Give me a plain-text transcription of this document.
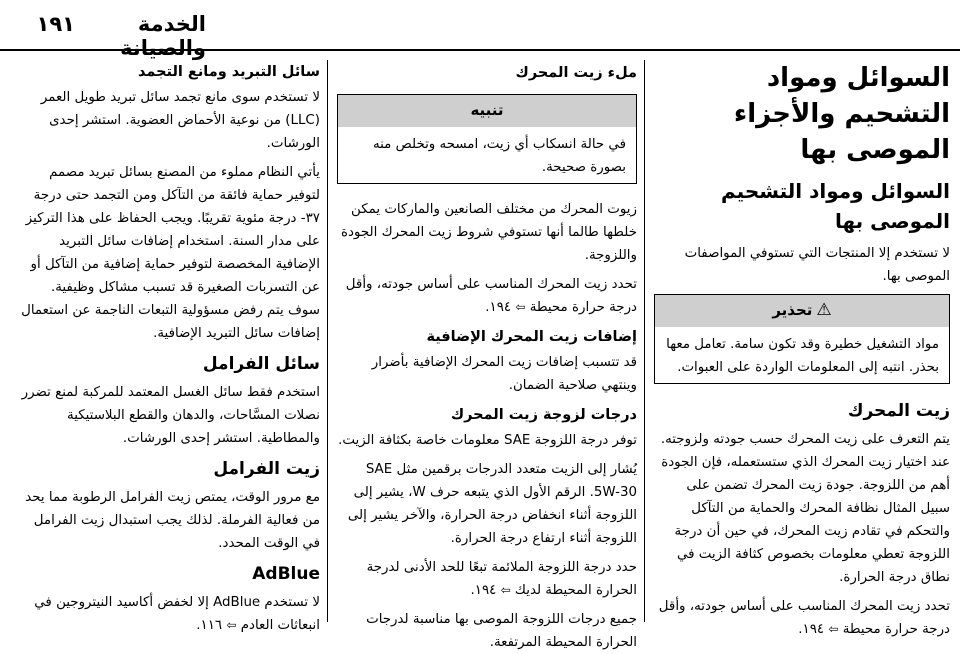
١٩١	الخدمة والصيانة
السوائل ومواد التشحيم والأجزاء الموصى بها
السوائل ومواد التشحيم الموصى بها

لا تستخدم إلا المنتجات التي تستوفي المواصفات الموصى بها.

⚠تحذير

مواد التشغيل خطيرة وقد تكون سامة. تعامل معها بحذر. انتبه إلى المعلومات الواردة على العبوات.

زيت المحرك

يتم التعرف على زيت المحرك حسب جودته ولزوجته. عند اختيار زيت المحرك الذي ستستعمله، فإن الجودة أهم من اللزوجة. جودة زيت المحرك تضمن على سبيل المثال نظافة المحرك والحماية من التآكل والتحكم في تقادم زيت المحرك، في حين أن درجة اللزوجة تعطي معلومات بخصوص كثافة الزيت في نطاق درجة الحرارة.

تحدد زيت المحرك المناسب على أساس جودته، وأقل درجة حرارة محيطة ⇦ ١٩٤.

ملء زيت المحرك
تنبيه

في حالة انسكاب أي زيت، امسحه وتخلص منه بصورة صحيحة.

زيوت المحرك من مختلف الصانعين والماركات يمكن خلطها طالما أنها تستوفي شروط زيت المحرك الجودة واللزوجة.

تحدد زيت المحرك المناسب على أساس جودته، وأقل درجة حرارة محيطة ⇦ ١٩٤.

إضافات زيت المحرك الإضافية

قد تتسبب إضافات زيت المحرك الإضافية بأضرار وينتهي صلاحية الضمان.

درجات لزوجة زيت المحرك

توفر درجة اللزوجة SAE معلومات خاصة بكثافة الزيت.

يُشار إلى الزيت متعدد الدرجات برقمين مثل SAE 5W-30. الرقم الأول الذي يتبعه حرف W، يشير إلى اللزوجة أثناء انخفاض درجة الحرارة، والآخر يشير إلى اللزوجة أثناء ارتفاع درجة الحرارة.

حدد درجة اللزوجة الملائمة تبعًا للحد الأدنى لدرجة الحرارة المحيطة لديك ⇦ ١٩٤.

جميع درجات اللزوجة الموصى بها مناسبة لدرجات الحرارة المحيطة المرتفعة.

سائل التبريد ومانع التجمد

لا تستخدم سوى مانع تجمد سائل تبريد طويل العمر (LLC) من نوعية الأحماض العضوية. استشر إحدى الورشات.

يأتي النظام مملوء من المصنع بسائل تبريد مصمم لتوفير حماية فائقة من التآكل ومن التجمد حتى درجة ٣٧- درجة مئوية تقريبًا. ويجب الحفاظ على هذا التركيز على مدار السنة. استخدام إضافات سائل التبريد الإضافية المخصصة لتوفير حماية إضافية من التآكل أو عن التسربات الصغيرة قد تسبب مشاكل وظيفية. سوف يتم رفض مسؤولية التبعات الناجمة عن استعمال إضافات سائل التبريد الإضافية.

سائل الفرامل

استخدم فقط سائل الغسل المعتمد للمركبة لمنع تضرر نصلات المسَّاحات، والدهان والقطع البلاستيكية والمطاطية. استشر إحدى الورشات.

زيت الفرامل

مع مرور الوقت، يمتص زيت الفرامل الرطوبة مما يحد من فعالية الفرملة. لذلك يجب استبدال زيت الفرامل في الوقت المحدد.

AdBlue

لا تستخدم AdBlue إلا لخفض أكاسيد النيتروجين في انبعاثات العادم ⇦ ١١٦.
